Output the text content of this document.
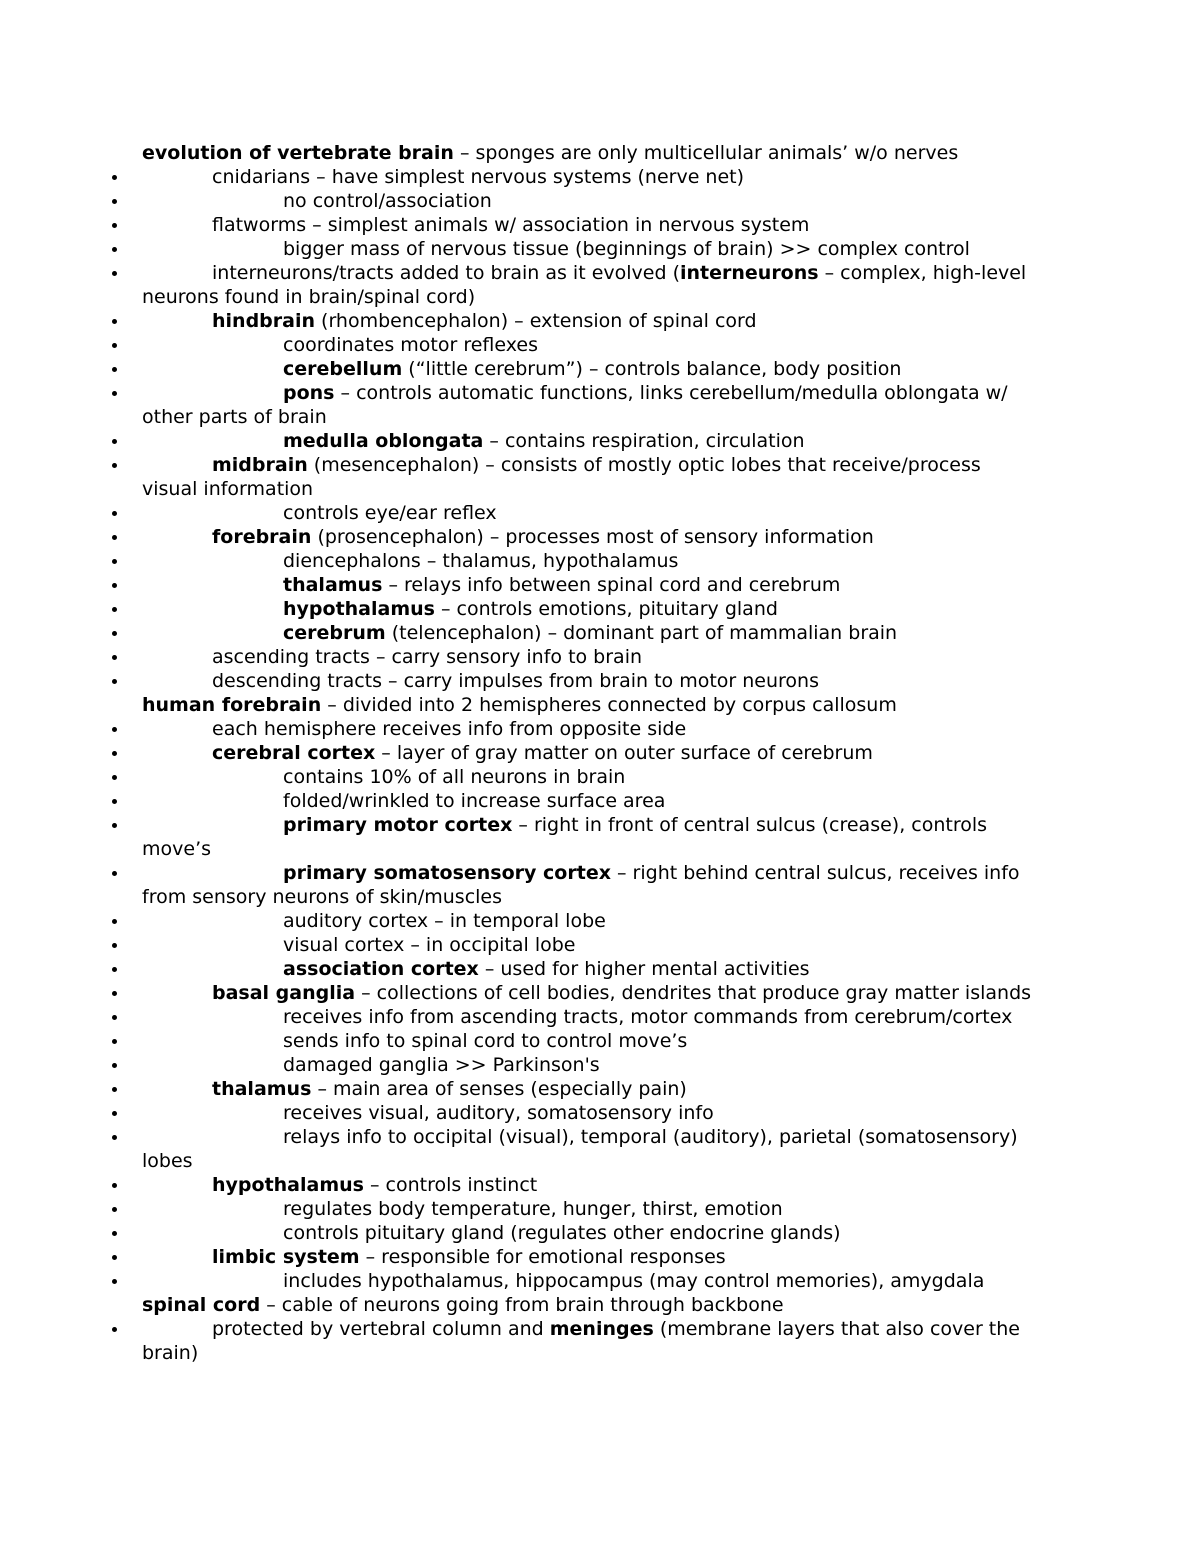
evolution of vertebrate brain – sponges are only multicellular animals’ w/o nerves
cnidarians – have simplest nervous systems (nerve net)
no control/association
flatworms – simplest animals w/ association in nervous system
bigger mass of nervous tissue (beginnings of brain) >> complex control
interneurons/tracts added to brain as it evolved (interneurons – complex, high-level
neurons found in brain/spinal cord)
hindbrain (rhombencephalon) – extension of spinal cord
coordinates motor reflexes
cerebellum (“little cerebrum”) – controls balance, body position
pons – controls automatic functions, links cerebellum/medulla oblongata w/
other parts of brain
medulla oblongata – contains respiration, circulation
midbrain (mesencephalon) – consists of mostly optic lobes that receive/process
visual information
controls eye/ear reflex
forebrain (prosencephalon) – processes most of sensory information
diencephalons – thalamus, hypothalamus
thalamus – relays info between spinal cord and cerebrum
hypothalamus – controls emotions, pituitary gland
cerebrum (telencephalon) – dominant part of mammalian brain
ascending tracts – carry sensory info to brain
descending tracts – carry impulses from brain to motor neurons
human forebrain – divided into 2 hemispheres connected by corpus callosum
each hemisphere receives info from opposite side
cerebral cortex – layer of gray matter on outer surface of cerebrum
contains 10% of all neurons in brain
folded/wrinkled to increase surface area
primary motor cortex – right in front of central sulcus (crease), controls
move’s
primary somatosensory cortex – right behind central sulcus, receives info
from sensory neurons of skin/muscles
auditory cortex – in temporal lobe
visual cortex – in occipital lobe
association cortex – used for higher mental activities
basal ganglia – collections of cell bodies, dendrites that produce gray matter islands
receives info from ascending tracts, motor commands from cerebrum/cortex
sends info to spinal cord to control move’s
damaged ganglia >> Parkinson's
thalamus – main area of senses (especially pain)
receives visual, auditory, somatosensory info
relays info to occipital (visual), temporal (auditory), parietal (somatosensory)
lobes
hypothalamus – controls instinct
regulates body temperature, hunger, thirst, emotion
controls pituitary gland (regulates other endocrine glands)
limbic system – responsible for emotional responses
includes hypothalamus, hippocampus (may control memories), amygdala
spinal cord – cable of neurons going from brain through backbone
protected by vertebral column and meninges (membrane layers that also cover the
brain)
